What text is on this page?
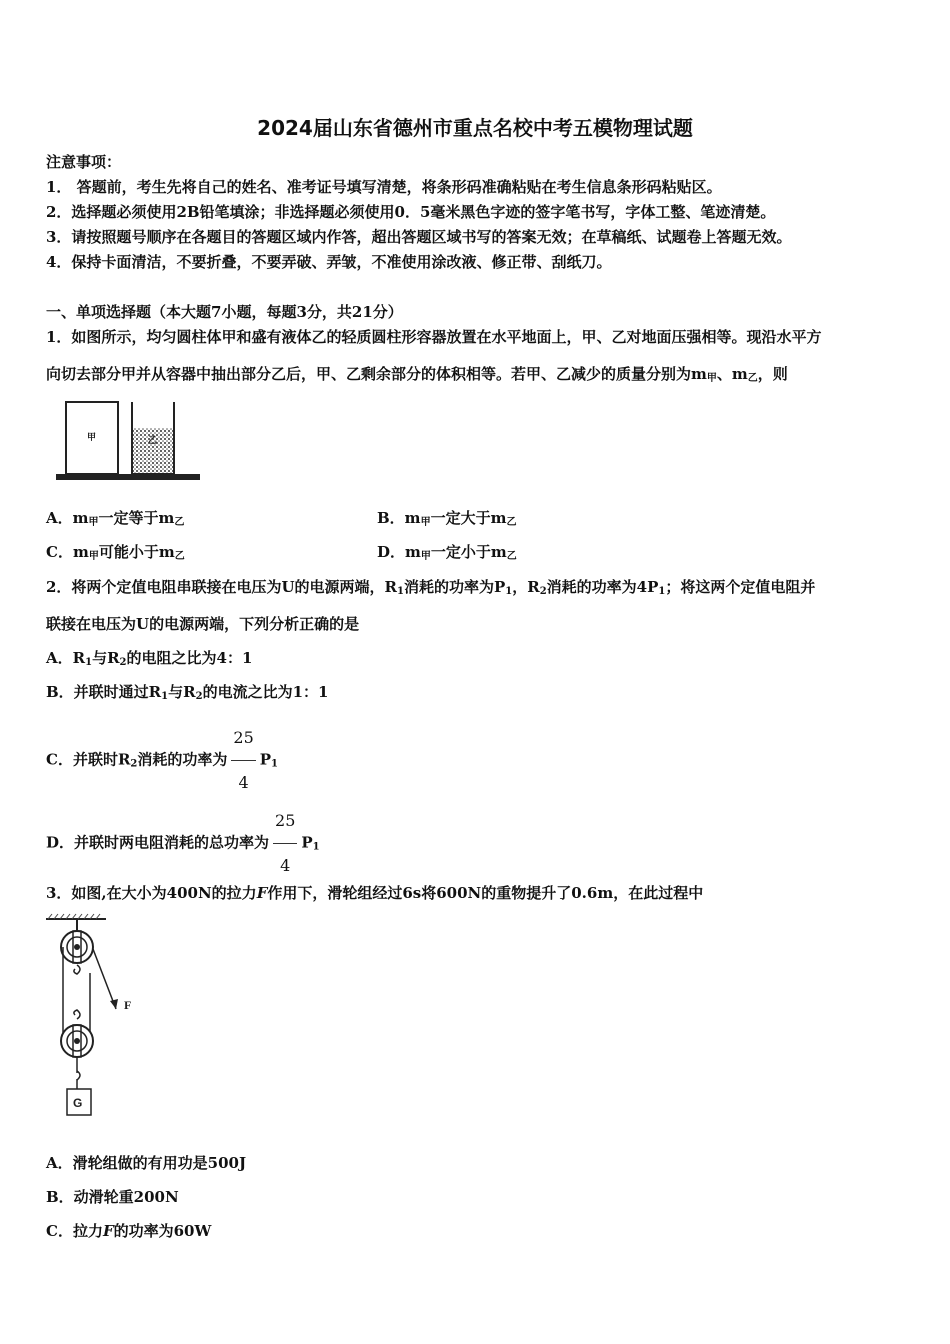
2024届山东省德州市重点名校中考五模物理试题
注意事项：
1． 答题前，考生先将自己的姓名、准考证号填写清楚，将条形码准确粘贴在考生信息条形码粘贴区。
2．选择题必须使用2B铅笔填涂；非选择题必须使用0．5毫米黑色字迹的签字笔书写，字体工整、笔迹清楚。
3．请按照题号顺序在各题目的答题区域内作答，超出答题区域书写的答案无效；在草稿纸、试题卷上答题无效。
4．保持卡面清洁，不要折叠，不要弄破、弄皱，不准使用涂改液、修正带、刮纸刀。
一、单项选择题（本大题7小题，每题3分，共21分）
1．如图所示，均匀圆柱体甲和盛有液体乙的轻质圆柱形容器放置在水平地面上，甲、乙对地面压强相等。现沿水平方
向切去部分甲并从容器中抽出部分乙后，甲、乙剩余部分的体积相等。若甲、乙减少的质量分别为$m_甲$、$m_乙$，则
甲	乙
A．$m_甲$一定等于$m_乙$	B．$m_甲$一定大于$m_乙$
C．$m_甲$可能小于$m_乙$	D．$m_甲$一定小于$m_乙$
2．将两个定值电阻串联接在电压为U的电源两端，$R_1$消耗的功率为$P_1$，$R_2$消耗的功率为$4P_1$；将这两个定值电阻并
联接在电压为U的电源两端，下列分析正确的是
A．$R_1$与$R_2$的电阻之比为4：1
B．并联时通过$R_1$与$R_2$的电流之比为1：1
C．并联时$R_2$消耗的功率为 $\frac{25}{4} P_1$
D．并联时两电阻消耗的总功率为 $\frac{25}{4} P_1$
3．如图,在大小为400N的拉力F作用下，滑轮组经过6s将600N的重物提升了0.6m，在此过程中
F
G
A．滑轮组做的有用功是500J
B．动滑轮重200N
C．拉力F的功率为60W
